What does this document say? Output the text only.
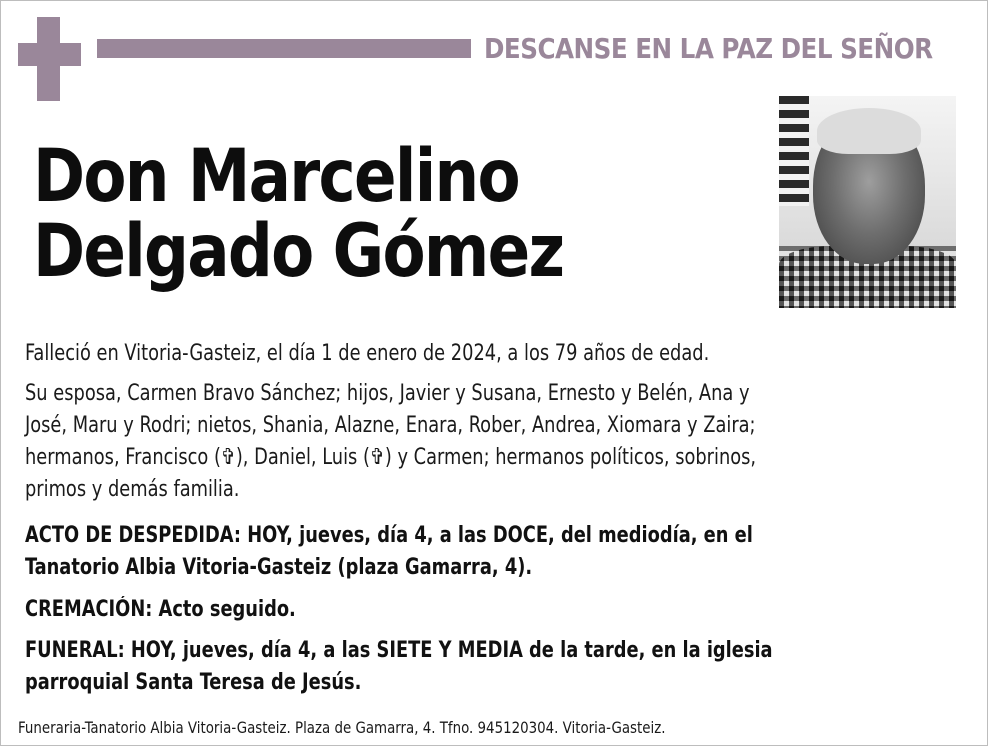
DESCANSE EN LA PAZ DEL SEÑOR
Don Marcelino
Delgado Gómez
Falleció en Vitoria-Gasteiz, el día 1 de enero de 2024, a los 79 años de edad.
Su esposa, Carmen Bravo Sánchez; hijos, Javier y Susana, Ernesto y Belén, Ana y
José, Maru y Rodri; nietos, Shania, Alazne, Enara, Rober, Andrea, Xiomara y Zaira;
hermanos, Francisco (✞), Daniel, Luis (✞) y Carmen; hermanos políticos, sobrinos,
primos y demás familia.
ACTO DE DESPEDIDA: HOY, jueves, día 4, a las DOCE, del mediodía, en el
Tanatorio Albia Vitoria-Gasteiz (plaza Gamarra, 4).
CREMACIÓN: Acto seguido.
FUNERAL: HOY, jueves, día 4, a las SIETE Y MEDIA de la tarde, en la iglesia
parroquial Santa Teresa de Jesús.
Funeraria-Tanatorio Albia Vitoria-Gasteiz. Plaza de Gamarra, 4. Tfno. 945120304. Vitoria-Gasteiz.
